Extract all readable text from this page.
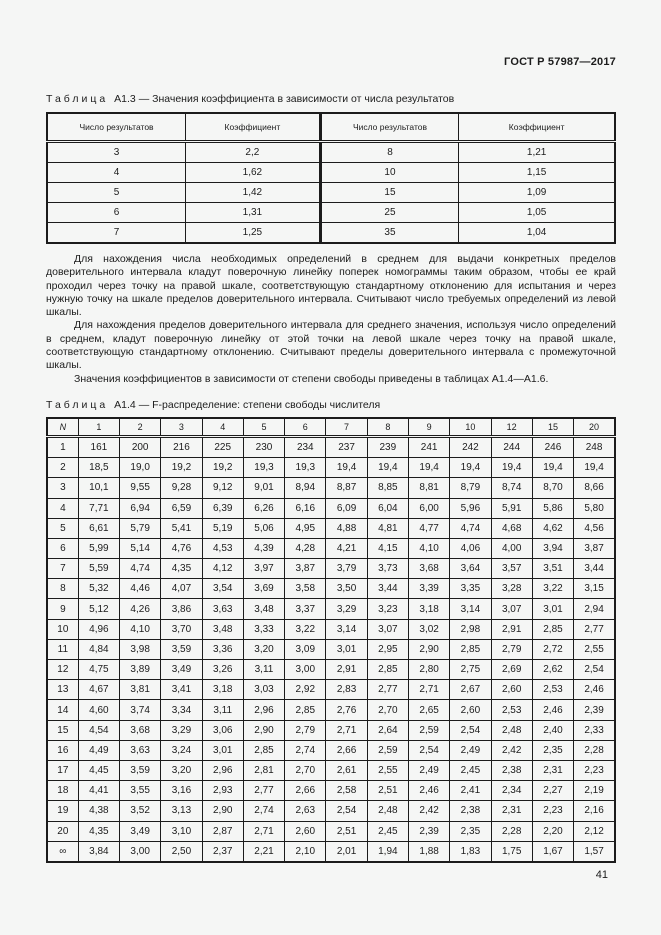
ГОСТ Р 57987—2017
Таблица А1.3 — Значения коэффициента в зависимости от числа результатов
Число результатов	Коэффициент	Число результатов	Коэффициент
3	2,2	8	1,21
4	1,62	10	1,15
5	1,42	15	1,09
6	1,31	25	1,05
7	1,25	35	1,04

Для нахождения числа необходимых определений в среднем для выдачи конкретных пределов доверительного интервала кладут поверочную линейку поперек номограммы таким образом, чтобы ее край проходил через точку на правой шкале, соответствующую стандартному отклонению для испытания и через нужную точку на шкале пределов доверительного интервала. Считывают число требуемых определений из левой шкалы.

Для нахождения пределов доверительного интервала для среднего значения, используя число определений в среднем, кладут поверочную линейку от этой точки на левой шкале через точку на правой шкале, соответствующую стандартному отклонению. Считывают пределы доверительного интервала с промежуточной шкалы.

Значения коэффициентов в зависимости от степени свободы приведены в таблицах А1.4—А1.6.

Таблица А1.4 — F-распределение: степени свободы числителя
N	1	2	3	4	5	6	7	8	9	10	12	15	20
1	161	200	216	225	230	234	237	239	241	242	244	246	248
2	18,5	19,0	19,2	19,2	19,3	19,3	19,4	19,4	19,4	19,4	19,4	19,4	19,4
3	10,1	9,55	9,28	9,12	9,01	8,94	8,87	8,85	8,81	8,79	8,74	8,70	8,66
4	7,71	6,94	6,59	6,39	6,26	6,16	6,09	6,04	6,00	5,96	5,91	5,86	5,80
5	6,61	5,79	5,41	5,19	5,06	4,95	4,88	4,81	4,77	4,74	4,68	4,62	4,56
6	5,99	5,14	4,76	4,53	4,39	4,28	4,21	4,15	4,10	4,06	4,00	3,94	3,87
7	5,59	4,74	4,35	4,12	3,97	3,87	3,79	3,73	3,68	3,64	3,57	3,51	3,44
8	5,32	4,46	4,07	3,54	3,69	3,58	3,50	3,44	3,39	3,35	3,28	3,22	3,15
9	5,12	4,26	3,86	3,63	3,48	3,37	3,29	3,23	3,18	3,14	3,07	3,01	2,94
10	4,96	4,10	3,70	3,48	3,33	3,22	3,14	3,07	3,02	2,98	2,91	2,85	2,77
11	4,84	3,98	3,59	3,36	3,20	3,09	3,01	2,95	2,90	2,85	2,79	2,72	2,55
12	4,75	3,89	3,49	3,26	3,11	3,00	2,91	2,85	2,80	2,75	2,69	2,62	2,54
13	4,67	3,81	3,41	3,18	3,03	2,92	2,83	2,77	2,71	2,67	2,60	2,53	2,46
14	4,60	3,74	3,34	3,11	2,96	2,85	2,76	2,70	2,65	2,60	2,53	2,46	2,39
15	4,54	3,68	3,29	3,06	2,90	2,79	2,71	2,64	2,59	2,54	2,48	2,40	2,33
16	4,49	3,63	3,24	3,01	2,85	2,74	2,66	2,59	2,54	2,49	2,42	2,35	2,28
17	4,45	3,59	3,20	2,96	2,81	2,70	2,61	2,55	2,49	2,45	2,38	2,31	2,23
18	4,41	3,55	3,16	2,93	2,77	2,66	2,58	2,51	2,46	2,41	2,34	2,27	2,19
19	4,38	3,52	3,13	2,90	2,74	2,63	2,54	2,48	2,42	2,38	2,31	2,23	2,16
20	4,35	3,49	3,10	2,87	2,71	2,60	2,51	2,45	2,39	2,35	2,28	2,20	2,12
∞	3,84	3,00	2,50	2,37	2,21	2,10	2,01	1,94	1,88	1,83	1,75	1,67	1,57
41
